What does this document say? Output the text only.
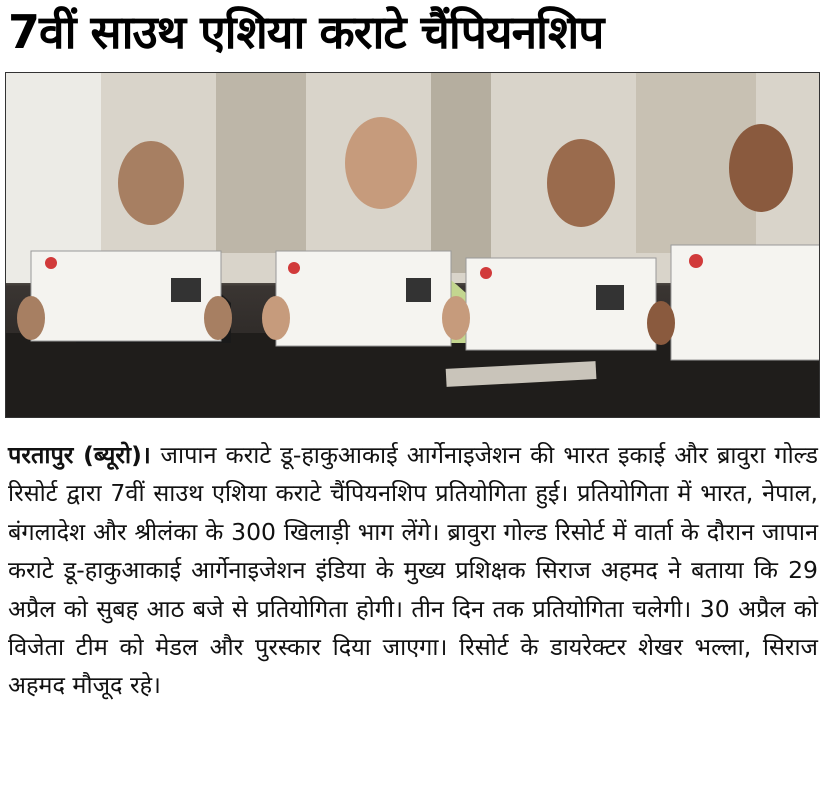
7वीं साउथ एशिया कराटे चैंपियनशिप
परतापुर (ब्यूरो)। जापान कराटे डू-हाकुआकाई आर्गेनाइजेशन की भारत इकाई और ब्रावुरा गोल्ड रिसोर्ट द्वारा 7वीं साउथ एशिया कराटे चैंपियनशिप प्रतियोगिता हुई। प्रतियोगिता में भारत, नेपाल, बंगलादेश और श्रीलंका के 300 खिलाड़ी भाग लेंगे। ब्रावुरा गोल्ड रिसोर्ट में वार्ता के दौरान जापान कराटे डू-हाकुआकाई आर्गेनाइजेशन इंडिया के मुख्य प्रशिक्षक सिराज अहमद ने बताया कि 29 अप्रैल को सुबह आठ बजे से प्रतियोगिता होगी। तीन दिन तक प्रतियोगिता चलेगी। 30 अप्रैल को विजेता टीम को मेडल और पुरस्कार दिया जाएगा। रिसोर्ट के डायरेक्टर शेखर भल्ला, सिराज अहमद मौजूद रहे।
